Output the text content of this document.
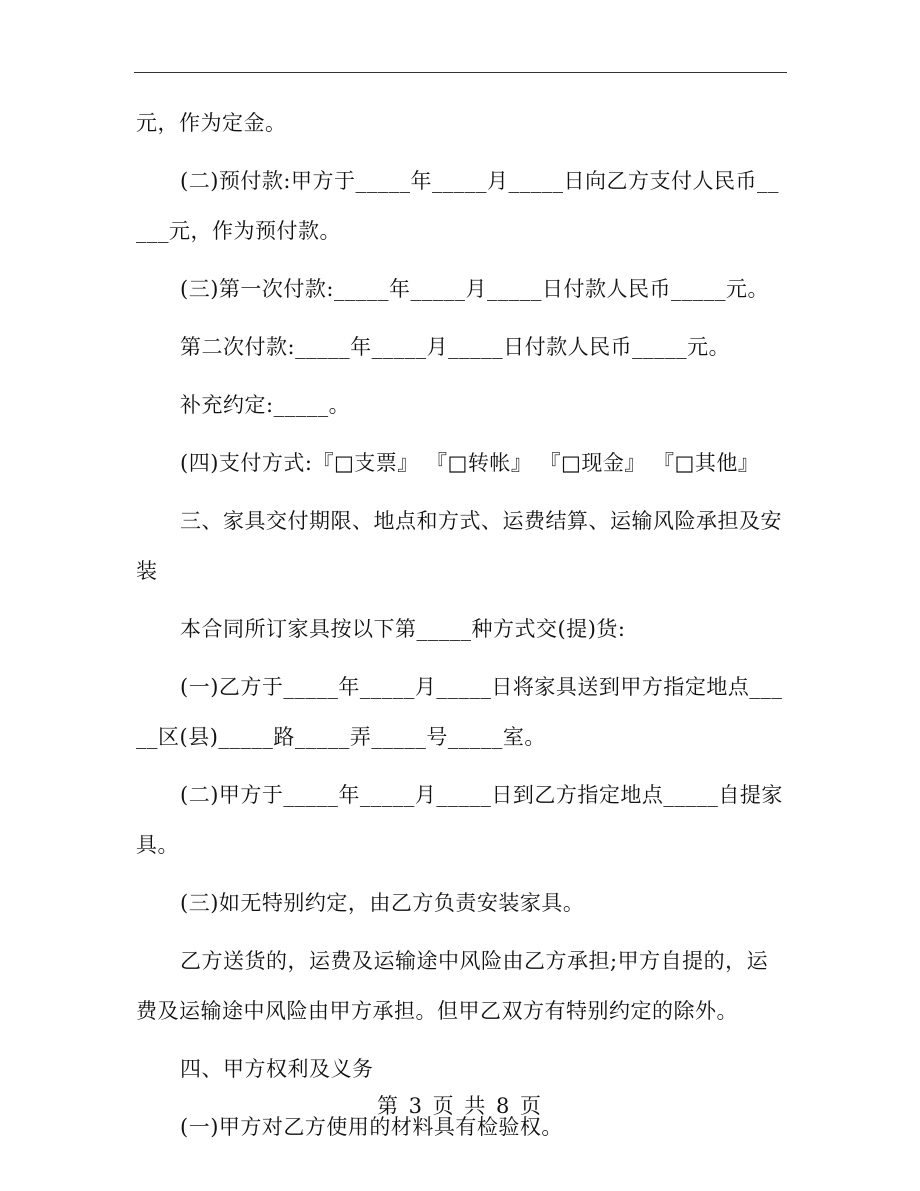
元，作为定金。

(二)预付款:甲方于_____年_____月_____日向乙方支付人民币_____元，作为预付款。

(三)第一次付款:_____年_____月_____日付款人民币_____元。

第二次付款:_____年_____月_____日付款人民币_____元。

补充约定:_____。

(四)支付方式:『□支票』 『□转帐』 『□现金』 『□其他』

三、家具交付期限、地点和方式、运费结算、运输风险承担及安装

本合同所订家具按以下第_____种方式交(提)货:

(一)乙方于_____年_____月_____日将家具送到甲方指定地点_____区(县)_____路_____弄_____号_____室。

(二)甲方于_____年_____月_____日到乙方指定地点_____自提家具。

(三)如无特别约定，由乙方负责安装家具。

乙方送货的，运费及运输途中风险由乙方承担;甲方自提的，运费及运输途中风险由甲方承担。但甲乙双方有特别约定的除外。

四、甲方权利及义务

(一)甲方对乙方使用的材料具有检验权。

第 3 页 共 8 页
